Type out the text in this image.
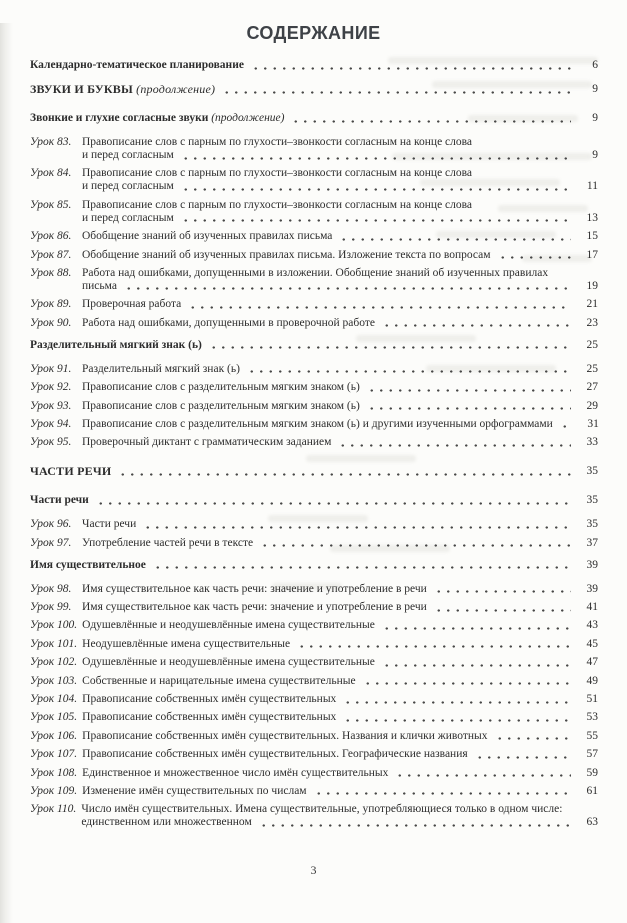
СОДЕРЖАНИЕ
Календарно-тематическое планирование	6
ЗВУКИ И БУКВЫ (продолжение)	9
Звонкие и глухие согласные звуки (продолжение)	9
Урок 83. Правописание слов с парным по глухости–звонкости согласным на конце слова
и перед согласным	9
Урок 84. Правописание слов с парным по глухости–звонкости согласным на конце слова
и перед согласным	11
Урок 85. Правописание слов с парным по глухости–звонкости согласным на конце слова
и перед согласным	13
Урок 86. Обобщение знаний об изученных правилах письма	15
Урок 87. Обобщение знаний об изученных правилах письма. Изложение текста по вопросам	17
Урок 88. Работа над ошибками, допущенными в изложении. Обобщение знаний об изученных правилах
письма	19
Урок 89. Проверочная работа	21
Урок 90. Работа над ошибками, допущенными в проверочной работе	23
Разделительный мягкий знак (ь)	25
Урок 91. Разделительный мягкий знак (ь)	25
Урок 92. Правописание слов с разделительным мягким знаком (ь)	27
Урок 93. Правописание слов с разделительным мягким знаком (ь)	29
Урок 94. Правописание слов с разделительным мягким знаком (ь) и другими изученными орфограммами	31
Урок 95. Проверочный диктант с грамматическим заданием	33
ЧАСТИ РЕЧИ	35
Части речи	35
Урок 96. Части речи	35
Урок 97. Употребление частей речи в тексте	37
Имя существительное	39
Урок 98. Имя существительное как часть речи: значение и употребление в речи	39
Урок 99. Имя существительное как часть речи: значение и употребление в речи	41
Урок 100. Одушевлённые и неодушевлённые имена существительные	43
Урок 101. Неодушевлённые имена существительные	45
Урок 102. Одушевлённые и неодушевлённые имена существительные	47
Урок 103. Собственные и нарицательные имена существительные	49
Урок 104. Правописание собственных имён существительных	51
Урок 105. Правописание собственных имён существительных	53
Урок 106. Правописание собственных имён существительных. Названия и клички животных	55
Урок 107. Правописание собственных имён существительных. Географические названия	57
Урок 108. Единственное и множественное число имён существительных	59
Урок 109. Изменение имён существительных по числам	61
Урок 110. Число имён существительных. Имена существительные, употребляющиеся только в одном числе:
единственном или множественном	63
3
